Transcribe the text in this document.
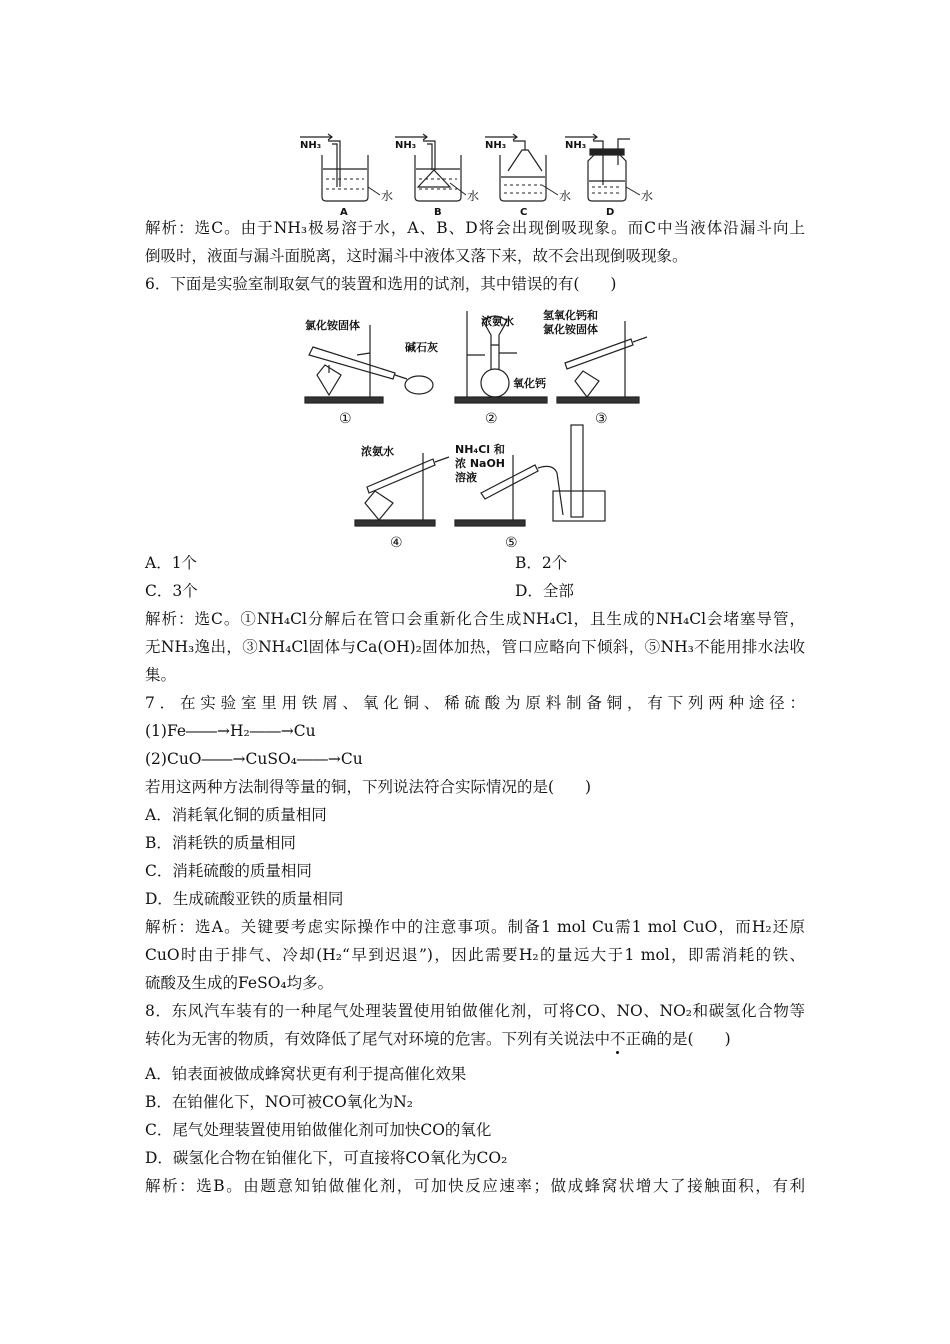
NH₃	NH₃	NH₃	NH₃
水	水	水	水
A	B	C	D
解析：选C。由于NH₃极易溶于水，A、B、D将会出现倒吸现象。而C中当液体沿漏斗向上
倒吸时，液面与漏斗面脱离，这时漏斗中液体又落下来，故不会出现倒吸现象。
6．下面是实验室制取氨气的装置和选用的试剂，其中错误的有(　　)
氯化铵固体
碱石灰
浓氨水
氧化钙
氢氧化钙和
氯化铵固体
浓氨水	NH₄Cl 和
浓 NaOH
溶液
①	②	③
④	⑤
A．1个	B．2个
C．3个	D．全部
解析：选C。①NH₄Cl分解后在管口会重新化合生成NH₄Cl，且生成的NH₄Cl会堵塞导管，
无NH₃逸出，③NH₄Cl固体与Ca(OH)₂固体加热，管口应略向下倾斜，⑤NH₃不能用排水法收
集。
7．在实验室里用铁屑、氧化铜、稀硫酸为原料制备铜，有下列两种途径：
(1)Fe――→H₂――→Cu
(2)CuO――→CuSO₄――→Cu
若用这两种方法制得等量的铜，下列说法符合实际情况的是(　　)
A．消耗氧化铜的质量相同
B．消耗铁的质量相同
C．消耗硫酸的质量相同
D．生成硫酸亚铁的质量相同
解析：选A。关键要考虑实际操作中的注意事项。制备1 mol Cu需1 mol CuO，而H₂还原
CuO时由于排气、冷却(H₂“早到迟退”)，因此需要H₂的量远大于1 mol，即需消耗的铁、
硫酸及生成的FeSO₄均多。
8．东风汽车装有的一种尾气处理装置使用铂做催化剂，可将CO、NO、NO₂和碳氢化合物等
转化为无害的物质，有效降低了尾气对环境的危害。下列有关说法中不正确的是(　　)
A．铂表面被做成蜂窝状更有利于提高催化效果
B．在铂催化下，NO可被CO氧化为N₂
C．尾气处理装置使用铂做催化剂可加快CO的氧化
D．碳氢化合物在铂催化下，可直接将CO氧化为CO₂
解析：选B。由题意知铂做催化剂，可加快反应速率；做成蜂窝状增大了接触面积，有利
